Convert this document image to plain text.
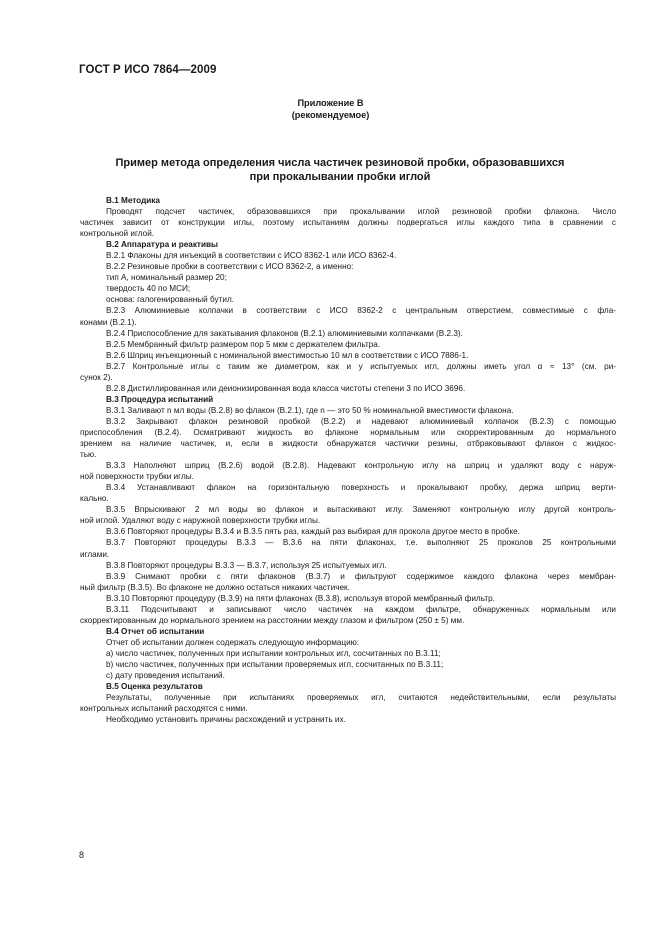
ГОСТ Р ИСО 7864—2009
Приложение В
(рекомендуемое)
Пример метода определения числа частичек резиновой пробки, образовавшихся
при прокалывании пробки иглой

В.1 Методика

Проводят подсчет частичек, образовавшихся при прокалывании иглой резиновой пробки флакона. Число

частичек зависит от конструкции иглы, поэтому испытаниям должны подвергаться иглы каждого типа в сравнении с

контрольной иглой.

В.2 Аппаратура и реактивы

В.2.1 Флаконы для инъекций в соответствии с ИСО 8362-1 или ИСО 8362-4.

В.2.2 Резиновые пробки в соответствии с ИСО 8362-2, а именно:

тип А, номинальный размер 20;

твердость 40 по МСИ;

основа: галогенированный бутил.

В.2.3 Алюминиевые колпачки в соответствии с ИСО 8362-2 с центральным отверстием, совместимые с фла-

конами (В.2.1).

В.2.4 Приспособление для закатывания флаконов (В.2.1) алюминиевыми колпачками (В.2.3).

В.2.5 Мембранный фильтр размером пор 5 мкм с держателем фильтра.

В.2.6 Шприц инъекционный с номинальной вместимостью 10 мл в соответствии с ИСО 7886-1.

В.2.7 Контрольные иглы с таким же диаметром, как и у испытуемых игл, должны иметь угол α ≈ 13° (см. ри-

сунок 2).

В.2.8 Дистиллированная или деионизированная вода класса чистоты степени 3 по ИСО 3696.

В.3 Процедура испытаний

В.3.1 Заливают n мл воды (В.2.8) во флакон (В.2.1), где n — это 50 % номинальной вместимости флакона.

В.3.2 Закрывают флакон резиновой пробкой (В.2.2) и надевают алюминиевый колпачок (В.2.3) с помощью

приспособления (В.2.4). Осматривают жидкость во флаконе нормальным или скорректированным до нормального

зрением на наличие частичек, и, если в жидкости обнаружатся частички резины, отбраковывают флакон с жидкос-

тью.

В.3.3 Наполняют шприц (В.2.6) водой (В.2.8). Надевают контрольную иглу на шприц и удаляют воду с наруж-

ной поверхности трубки иглы.

В.3.4 Устанавливают флакон на горизонтальную поверхность и прокалывают пробку, держа шприц верти-

кально.

В.3.5 Впрыскивают 2 мл воды во флакон и вытаскивают иглу. Заменяют контрольную иглу другой контроль-

ной иглой. Удаляют воду с наружной поверхности трубки иглы.

В.3.6 Повторяют процедуры В.3.4 и В.3.5 пять раз, каждый раз выбирая для прокола другое место в пробке.

В.3.7 Повторяют процедуры В.3.3 — В.3.6 на пяти флаконах, т.е. выполняют 25 проколов 25 контрольными

иглами.

В.3.8 Повторяют процедуры В.3.3 — В.3.7, используя 25 испытуемых игл.

В.3.9 Снимают пробки с пяти флаконов (В.3.7) и фильтруют содержимое каждого флакона через мембран-

ный фильтр (В.3.5). Во флаконе не должно остаться никаких частичек.

В.3.10 Повторяют процедуру (В.3.9) на пяти флаконах (В.3.8), используя второй мембранный фильтр.

В.3.11 Подсчитывают и записывают число частичек на каждом фильтре, обнаруженных нормальным или

скорректированным до нормального зрением на расстоянии между глазом и фильтром (250 ± 5) мм.

В.4 Отчет об испытании

Отчет об испытании должен содержать следующую информацию:

а) число частичек, полученных при испытании контрольных игл, сосчитанных по В.3.11;

b) число частичек, полученных при испытании проверяемых игл, сосчитанных по В.3.11;

с) дату проведения испытаний.

В.5 Оценка результатов

Результаты, полученные при испытаниях проверяемых игл, считаются недействительными, если результаты

контрольных испытаний расходятся с ними.

Необходимо установить причины расхождений и устранить их.

8
